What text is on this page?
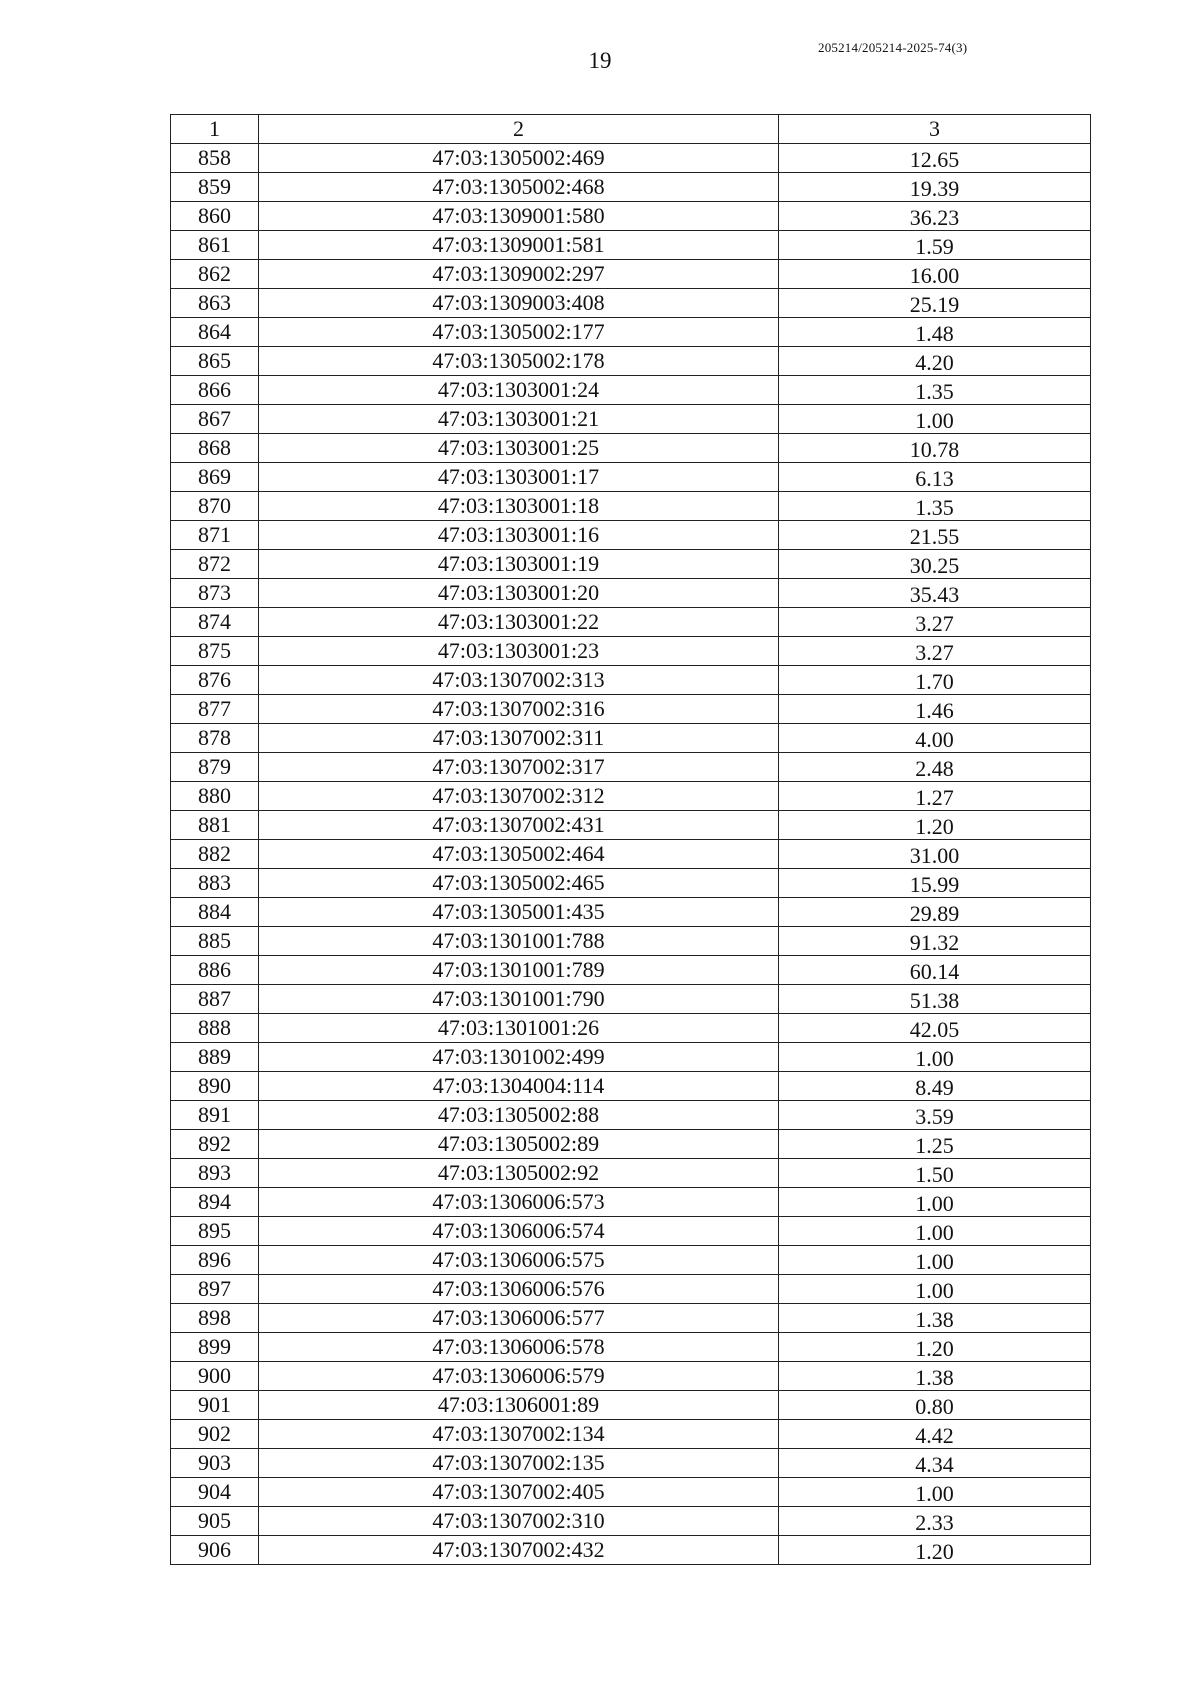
19
205214/205214-2025-74(3)
1	2	3
858	47:03:1305002:469	12.65
859	47:03:1305002:468	19.39
860	47:03:1309001:580	36.23
861	47:03:1309001:581	1.59
862	47:03:1309002:297	16.00
863	47:03:1309003:408	25.19
864	47:03:1305002:177	1.48
865	47:03:1305002:178	4.20
866	47:03:1303001:24	1.35
867	47:03:1303001:21	1.00
868	47:03:1303001:25	10.78
869	47:03:1303001:17	6.13
870	47:03:1303001:18	1.35
871	47:03:1303001:16	21.55
872	47:03:1303001:19	30.25
873	47:03:1303001:20	35.43
874	47:03:1303001:22	3.27
875	47:03:1303001:23	3.27
876	47:03:1307002:313	1.70
877	47:03:1307002:316	1.46
878	47:03:1307002:311	4.00
879	47:03:1307002:317	2.48
880	47:03:1307002:312	1.27
881	47:03:1307002:431	1.20
882	47:03:1305002:464	31.00
883	47:03:1305002:465	15.99
884	47:03:1305001:435	29.89
885	47:03:1301001:788	91.32
886	47:03:1301001:789	60.14
887	47:03:1301001:790	51.38
888	47:03:1301001:26	42.05
889	47:03:1301002:499	1.00
890	47:03:1304004:114	8.49
891	47:03:1305002:88	3.59
892	47:03:1305002:89	1.25
893	47:03:1305002:92	1.50
894	47:03:1306006:573	1.00
895	47:03:1306006:574	1.00
896	47:03:1306006:575	1.00
897	47:03:1306006:576	1.00
898	47:03:1306006:577	1.38
899	47:03:1306006:578	1.20
900	47:03:1306006:579	1.38
901	47:03:1306001:89	0.80
902	47:03:1307002:134	4.42
903	47:03:1307002:135	4.34
904	47:03:1307002:405	1.00
905	47:03:1307002:310	2.33
906	47:03:1307002:432	1.20
